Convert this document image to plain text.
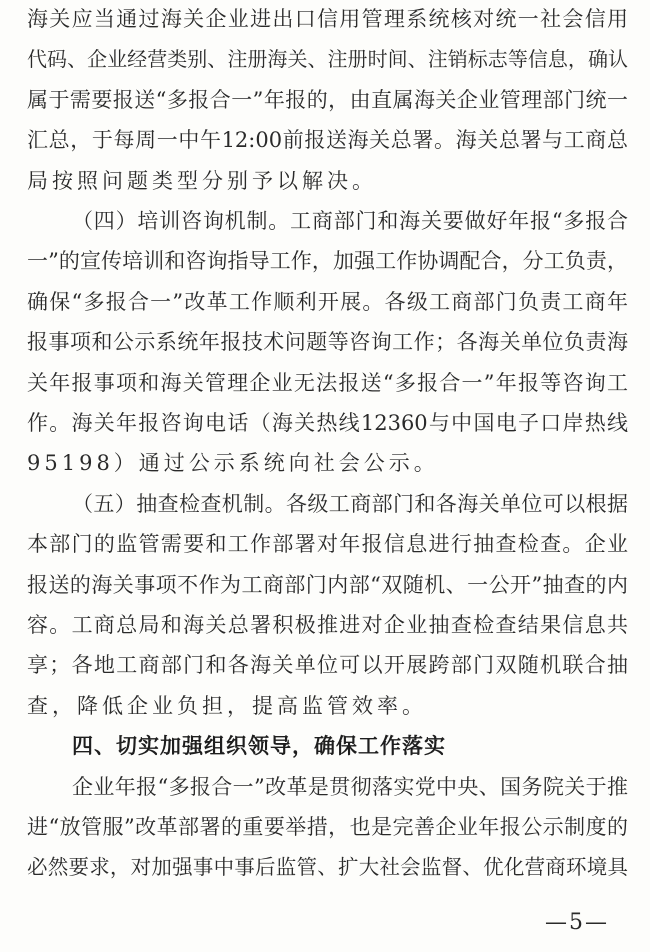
海关应当通过海关企业进出口信用管理系统核对统一社会信用
代码、企业经营类别、注册海关、注册时间、注销标志等信息，确认
属于需要报送“多报合一”年报的，由直属海关企业管理部门统一
汇总，于每周一中午12:00前报送海关总署。海关总署与工商总
局按照问题类型分别予以解决。
（四）培训咨询机制。工商部门和海关要做好年报“多报合
一”的宣传培训和咨询指导工作，加强工作协调配合，分工负责，
确保“多报合一”改革工作顺利开展。各级工商部门负责工商年
报事项和公示系统年报技术问题等咨询工作；各海关单位负责海
关年报事项和海关管理企业无法报送“多报合一”年报等咨询工
作。海关年报咨询电话（海关热线12360与中国电子口岸热线
95198）通过公示系统向社会公示。
（五）抽查检查机制。各级工商部门和各海关单位可以根据
本部门的监管需要和工作部署对年报信息进行抽查检查。企业
报送的海关事项不作为工商部门内部“双随机、一公开”抽查的内
容。工商总局和海关总署积极推进对企业抽查检查结果信息共
享；各地工商部门和各海关单位可以开展跨部门双随机联合抽
查，降低企业负担，提高监管效率。
四、切实加强组织领导，确保工作落实
企业年报“多报合一”改革是贯彻落实党中央、国务院关于推
进“放管服”改革部署的重要举措，也是完善企业年报公示制度的
必然要求，对加强事中事后监管、扩大社会监督、优化营商环境具
—5—
